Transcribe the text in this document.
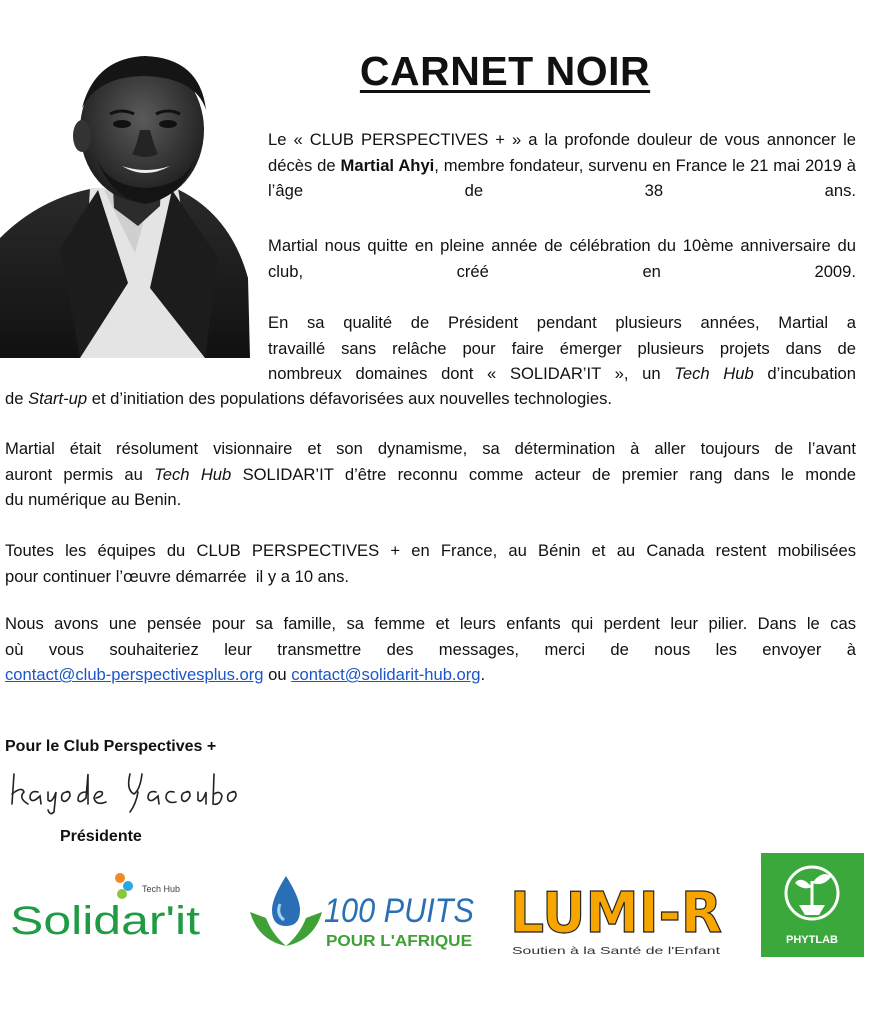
CARNET NOIR

Le « CLUB PERSPECTIVES + » a la profonde douleur de vous annoncer le décès de Martial Ahyi, membre fondateur, survenu en France le 21 mai 2019 à l’âge de 38 ans.

Martial nous quitte en pleine année de célébration du 10ème anniversaire du club, créé en 2009.

En sa qualité de Président pendant plusieurs années, Martial a
travaillé sans relâche pour faire émerger plusieurs projets dans de
nombreux domaines dont « SOLIDAR’IT », un Tech Hub d’incubation
de Start-up et d’initiation des populations défavorisées aux nouvelles technologies.
Martial était résolument visionnaire et son dynamisme, sa détermination à aller toujours de l’avant
auront permis au Tech Hub SOLIDAR’IT d’être reconnu comme acteur de premier rang dans le monde
du numérique au Benin.
Toutes les équipes du CLUB PERSPECTIVES + en France, au Bénin et au Canada restent mobilisées
pour continuer l’œuvre démarrée  il y a 10 ans.
Nous avons une pensée pour sa famille, sa femme et leurs enfants qui perdent leur pilier. Dans le cas
où vous souhaiteriez leur transmettre des messages, merci de nous les envoyer à
contact@club-perspectivesplus.org ou contact@solidarit-hub.org.
Pour le Club Perspectives +
Présidente
Tech Hub
Solidar'it	100 PUITS
POUR L'AFRIQUE LUMI-R
Soutien à la Santé de l'Enfant
PHYTLAB
